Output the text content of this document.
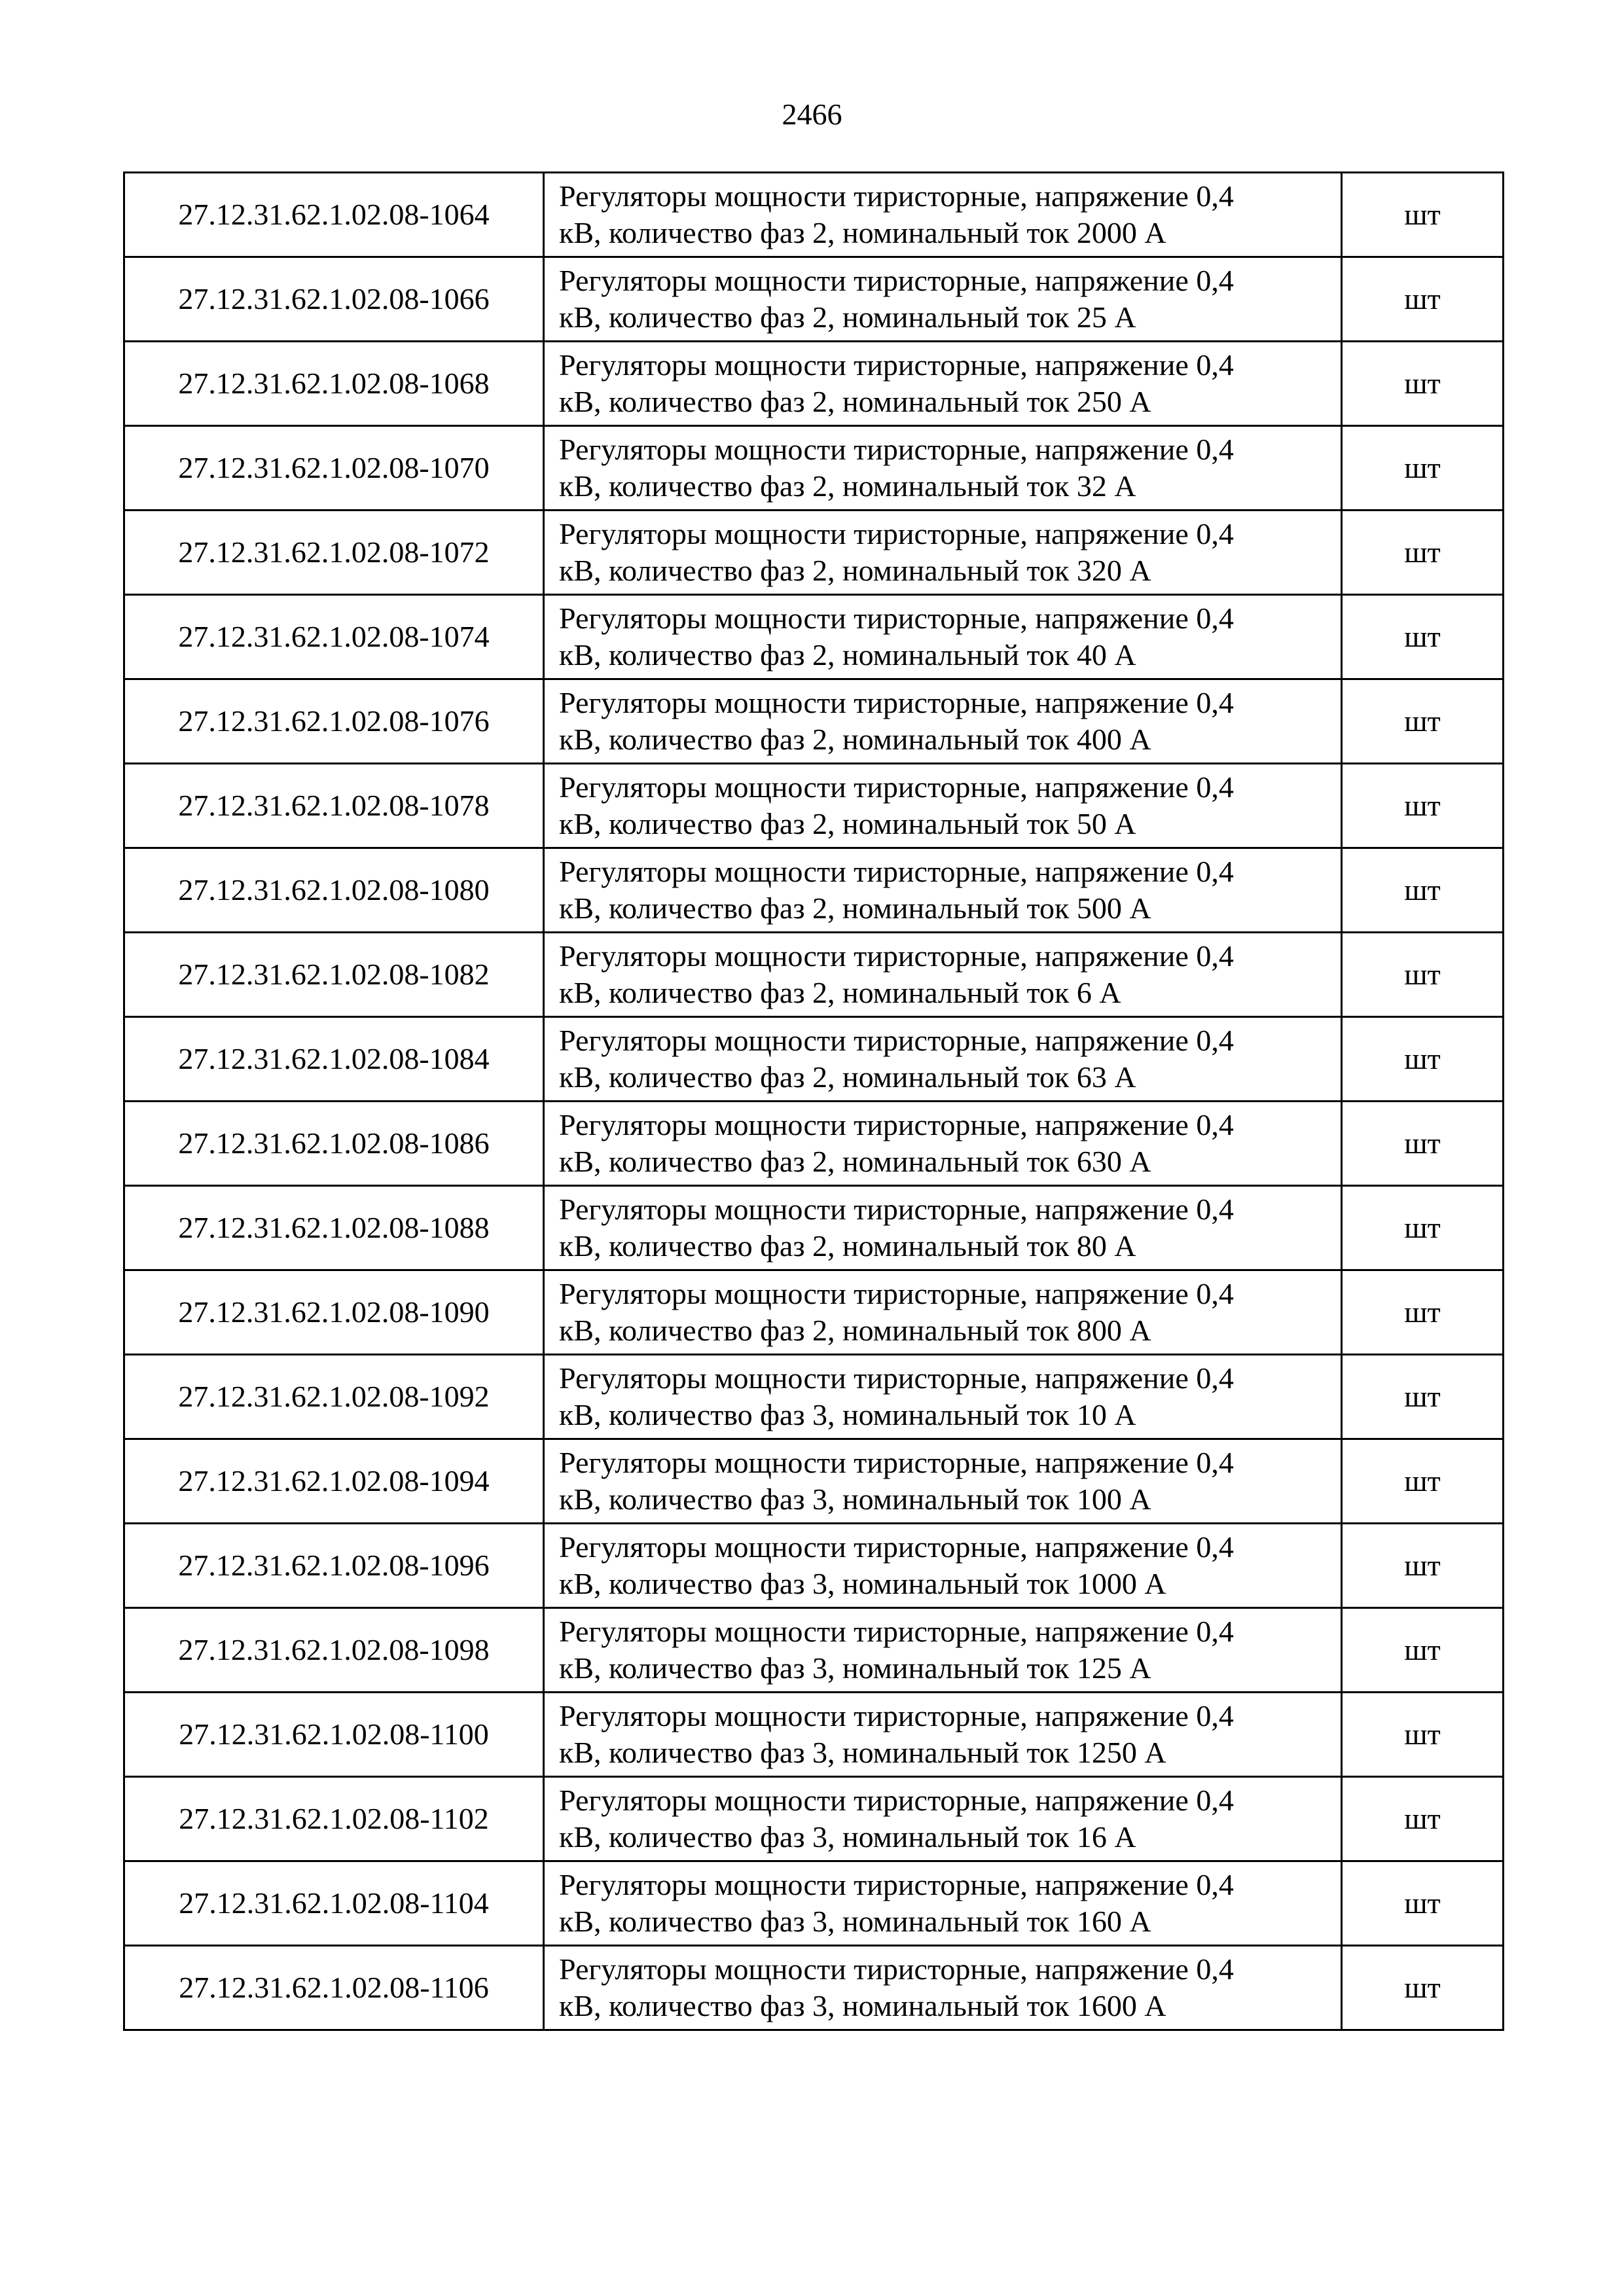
2466
27.12.31.62.1.02.08-1064	Регуляторы мощности тиристорные, напряжение 0,4
кВ, количество фаз 2, номинальный ток 2000 А	шт
27.12.31.62.1.02.08-1066	Регуляторы мощности тиристорные, напряжение 0,4
кВ, количество фаз 2, номинальный ток 25 А	шт
27.12.31.62.1.02.08-1068	Регуляторы мощности тиристорные, напряжение 0,4
кВ, количество фаз 2, номинальный ток 250 А	шт
27.12.31.62.1.02.08-1070	Регуляторы мощности тиристорные, напряжение 0,4
кВ, количество фаз 2, номинальный ток 32 А	шт
27.12.31.62.1.02.08-1072	Регуляторы мощности тиристорные, напряжение 0,4
кВ, количество фаз 2, номинальный ток 320 А	шт
27.12.31.62.1.02.08-1074	Регуляторы мощности тиристорные, напряжение 0,4
кВ, количество фаз 2, номинальный ток 40 А	шт
27.12.31.62.1.02.08-1076	Регуляторы мощности тиристорные, напряжение 0,4
кВ, количество фаз 2, номинальный ток 400 А	шт
27.12.31.62.1.02.08-1078	Регуляторы мощности тиристорные, напряжение 0,4
кВ, количество фаз 2, номинальный ток 50 А	шт
27.12.31.62.1.02.08-1080	Регуляторы мощности тиристорные, напряжение 0,4
кВ, количество фаз 2, номинальный ток 500 А	шт
27.12.31.62.1.02.08-1082	Регуляторы мощности тиристорные, напряжение 0,4
кВ, количество фаз 2, номинальный ток 6 А	шт
27.12.31.62.1.02.08-1084	Регуляторы мощности тиристорные, напряжение 0,4
кВ, количество фаз 2, номинальный ток 63 А	шт
27.12.31.62.1.02.08-1086	Регуляторы мощности тиристорные, напряжение 0,4
кВ, количество фаз 2, номинальный ток 630 А	шт
27.12.31.62.1.02.08-1088	Регуляторы мощности тиристорные, напряжение 0,4
кВ, количество фаз 2, номинальный ток 80 А	шт
27.12.31.62.1.02.08-1090	Регуляторы мощности тиристорные, напряжение 0,4
кВ, количество фаз 2, номинальный ток 800 А	шт
27.12.31.62.1.02.08-1092	Регуляторы мощности тиристорные, напряжение 0,4
кВ, количество фаз 3, номинальный ток 10 А	шт
27.12.31.62.1.02.08-1094	Регуляторы мощности тиристорные, напряжение 0,4
кВ, количество фаз 3, номинальный ток 100 А	шт
27.12.31.62.1.02.08-1096	Регуляторы мощности тиристорные, напряжение 0,4
кВ, количество фаз 3, номинальный ток 1000 А	шт
27.12.31.62.1.02.08-1098	Регуляторы мощности тиристорные, напряжение 0,4
кВ, количество фаз 3, номинальный ток 125 А	шт
27.12.31.62.1.02.08-1100	Регуляторы мощности тиристорные, напряжение 0,4
кВ, количество фаз 3, номинальный ток 1250 А	шт
27.12.31.62.1.02.08-1102	Регуляторы мощности тиристорные, напряжение 0,4
кВ, количество фаз 3, номинальный ток 16 А	шт
27.12.31.62.1.02.08-1104	Регуляторы мощности тиристорные, напряжение 0,4
кВ, количество фаз 3, номинальный ток 160 А	шт
27.12.31.62.1.02.08-1106	Регуляторы мощности тиристорные, напряжение 0,4
кВ, количество фаз 3, номинальный ток 1600 А	шт
